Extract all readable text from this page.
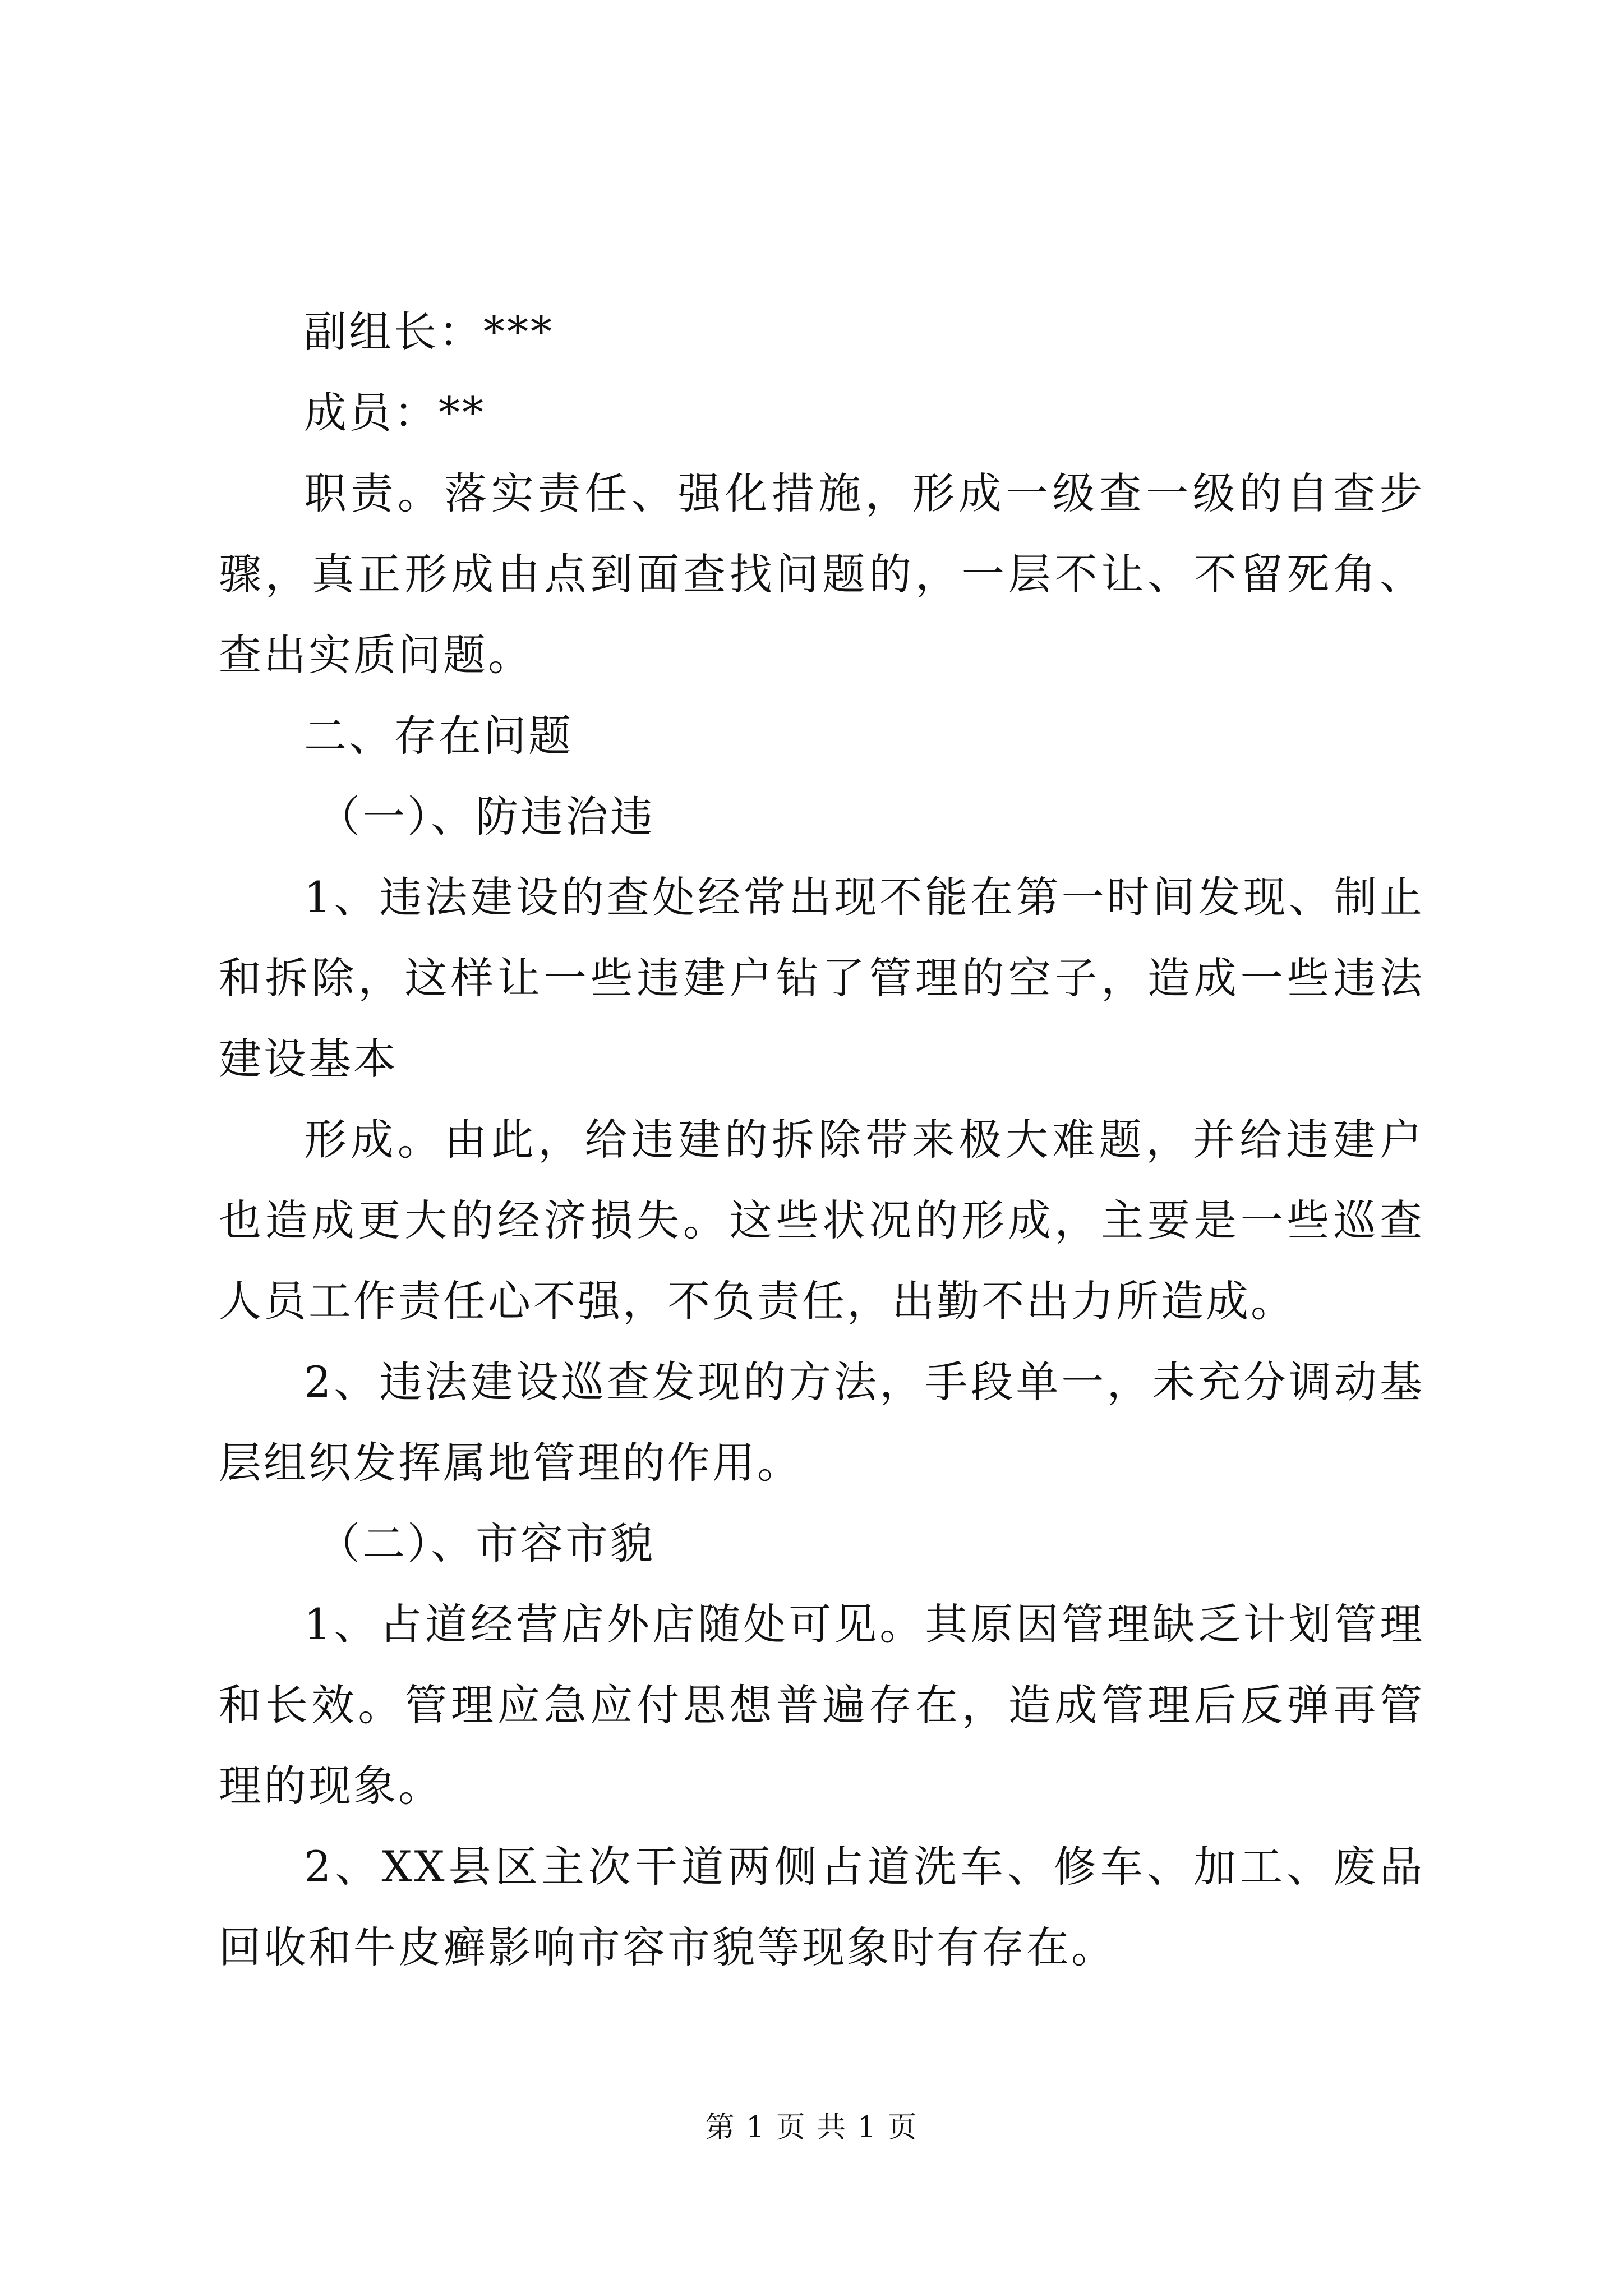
副组长：***

成员：**

职责。落实责任、强化措施，形成一级查一级的自查步骤，真正形成由点到面查找问题的，一层不让、不留死角、查出实质问题。

二、存在问题

（一）、防违治违

1、违法建设的查处经常出现不能在第一时间发现、制止和拆除，这样让一些违建户钻了管理的空子，造成一些违法建设基本

形成。由此，给违建的拆除带来极大难题，并给违建户也造成更大的经济损失。这些状况的形成，主要是一些巡查人员工作责任心不强，不负责任，出勤不出力所造成。

2、违法建设巡查发现的方法，手段单一，未充分调动基层组织发挥属地管理的作用。

（二）、市容市貌

1、占道经营店外店随处可见。其原因管理缺乏计划管理和长效。管理应急应付思想普遍存在，造成管理后反弹再管理的现象。

2、XX县区主次干道两侧占道洗车、修车、加工、废品回收和牛皮癣影响市容市貌等现象时有存在。

第 1 页 共 1 页
